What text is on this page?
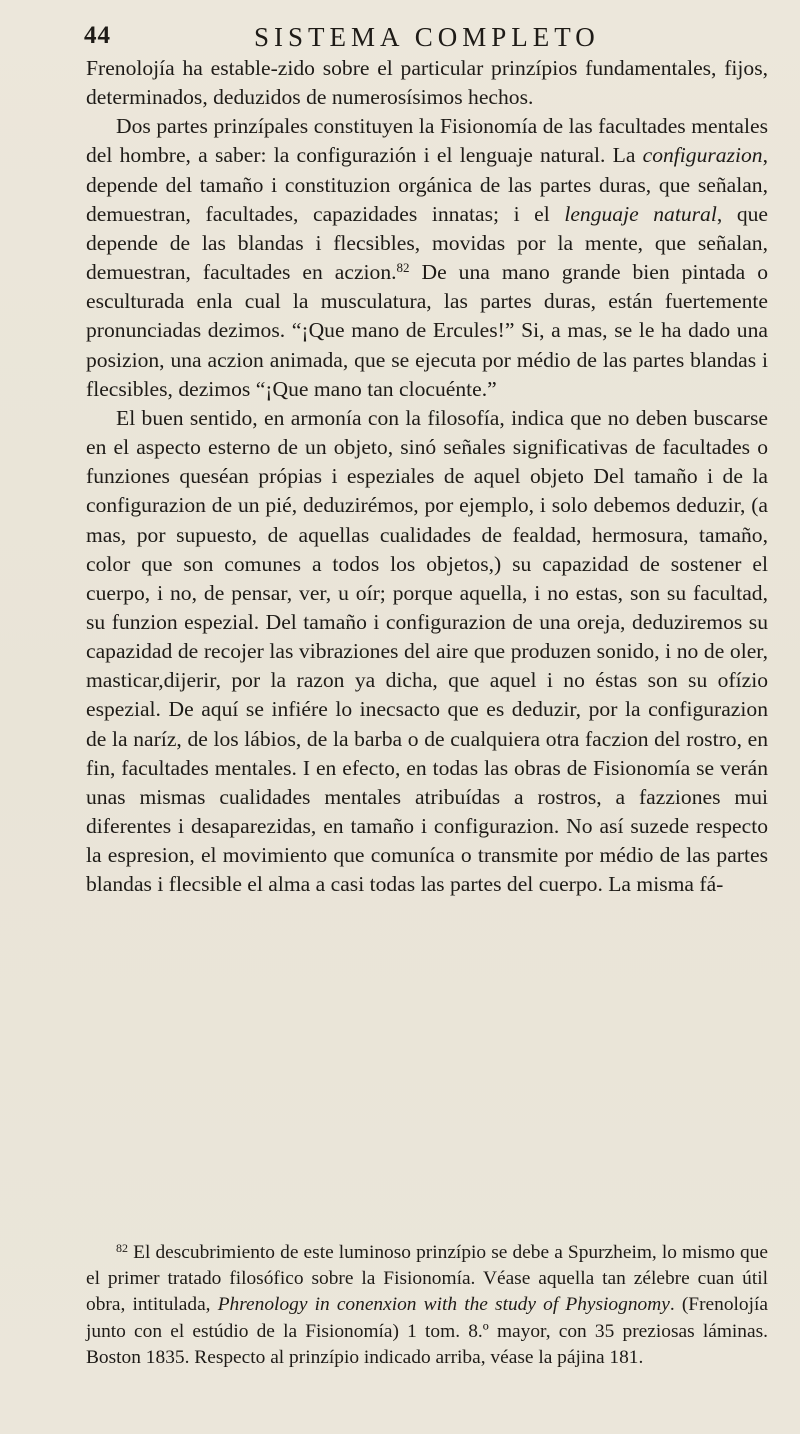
44	SISTEMA COMPLETO

Frenolojía ha estable-zido sobre el particular prinzípios fundamentales, fijos, determinados, deduzidos de numerosísimos hechos.

Dos partes prinzípales constituyen la Fisionomía de las facultades mentales del hombre, a saber: la configurazión i el lenguaje natural. La configurazion, depende del tamaño i constituzion orgánica de las partes duras, que señalan, demuestran, facultades, capazidades innatas; i el lenguaje natural, que depende de las blandas i flecsibles, movidas por la mente, que señalan, demuestran, facultades en aczion.$^{82}$ De una mano grande bien pintada o esculturada enla cual la musculatura, las partes duras, están fuertemente pronunciadas dezimos. “¡Que mano de Ercules!” Si, a mas, se le ha dado una posizion, una aczion animada, que se ejecuta por médio de las partes blandas i flecsibles, dezimos “¡Que mano tan clocuénte.”

El buen sentido, en armonía con la filosofía, indica que no deben buscarse en el aspecto esterno de un objeto, sinó señales significativas de facultades o funziones queséan própias i espeziales de aquel objeto Del tamaño i de la configurazion de un pié, deduzirémos, por ejemplo, i solo debemos deduzir, (a mas, por supuesto, de aquellas cualidades de fealdad, hermosura, tamaño, color que son comunes a todos los objetos,) su capazidad de sostener el cuerpo, i no, de pensar, ver, u oír; porque aquella, i no estas, son su facultad, su funzion espezial. Del tamaño i configurazion de una oreja, deduziremos su capazidad de recojer las vibraziones del aire que produzen sonido, i no de oler, masticar,dijerir, por la razon ya dicha, que aquel i no éstas son su ofízio espezial. De aquí se infiére lo inecsacto que es deduzir, por la configurazion de la naríz, de los lábios, de la barba o de cualquiera otra faczion del rostro, en fin, facultades mentales. I en efecto, en todas las obras de Fisionomía se verán unas mismas cualidades mentales atribuídas a rostros, a fazziones mui diferentes i desaparezidas, en tamaño i configurazion. No así suzede respecto la espresion, el movimiento que comuníca o transmite por médio de las partes blandas i flecsible el alma a casi todas las partes del cuerpo. La misma fá-

$^{82}$ El descubrimiento de este luminoso prinzípio se debe a Spurzheim, lo mismo que el primer tratado filosófico sobre la Fisionomía. Véase aquella tan zélebre cuan útil obra, intitulada, Phrenology in conenxion with the study of Physiognomy. (Frenolojía junto con el estúdio de la Fisionomía) 1 tom. 8.º mayor, con 35 preziosas láminas. Boston 1835. Respecto al prinzípio indicado arriba, véase la pájina 181.
